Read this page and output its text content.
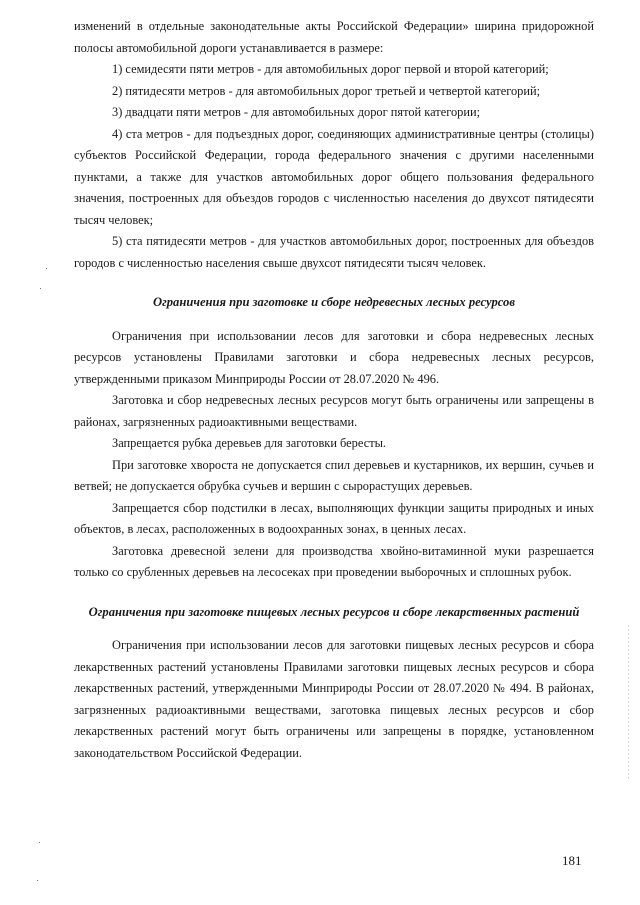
изменений в отдельные законодательные акты Российской Федерации» ширина придорожной полосы автомобильной дороги устанавливается в размере:

1) семидесяти пяти метров - для автомобильных дорог первой и второй категорий;

2) пятидесяти метров - для автомобильных дорог третьей и четвертой категорий;

3) двадцати пяти метров - для автомобильных дорог пятой категории;

4) ста метров - для подъездных дорог, соединяющих административные центры (столицы) субъектов Российской Федерации, города федерального значения с другими населенными пунктами, а также для участков автомобильных дорог общего пользования федерального значения, построенных для объездов городов с численностью населения до двухсот пятидесяти тысяч человек;

5) ста пятидесяти метров - для участков автомобильных дорог, построенных для объездов городов с численностью населения свыше двухсот пятидесяти тысяч человек.

Ограничения при заготовке и сборе недревесных лесных ресурсов

Ограничения при использовании лесов для заготовки и сбора недревесных лесных ресурсов установлены Правилами заготовки и сбора недревесных лесных ресурсов, утвержденными приказом Минприроды России от 28.07.2020 № 496.

Заготовка и сбор недревесных лесных ресурсов могут быть ограничены или запрещены в районах, загрязненных радиоактивными веществами.

Запрещается рубка деревьев для заготовки бересты.

При заготовке хвороста не допускается спил деревьев и кустарников, их вершин, сучьев и ветвей; не допускается обрубка сучьев и вершин с сырорастущих деревьев.

Запрещается сбор подстилки в лесах, выполняющих функции защиты природных и иных объектов, в лесах, расположенных в водоохранных зонах, в ценных лесах.

Заготовка древесной зелени для производства хвойно-витаминной муки разрешается только со срубленных деревьев на лесосеках при проведении выборочных и сплошных рубок.

Ограничения при заготовке пищевых лесных ресурсов и сборе лекарственных растений

Ограничения при использовании лесов для заготовки пищевых лесных ресурсов и сбора лекарственных растений установлены Правилами заготовки пищевых лесных ресурсов и сбора лекарственных растений, утвержденными Минприроды России от 28.07.2020 № 494. В районах, загрязненных радиоактивными веществами, заготовка пищевых лесных ресурсов и сбор лекарственных растений могут быть ограничены или запрещены в порядке, установленном законодательством Российской Федерации.

181
